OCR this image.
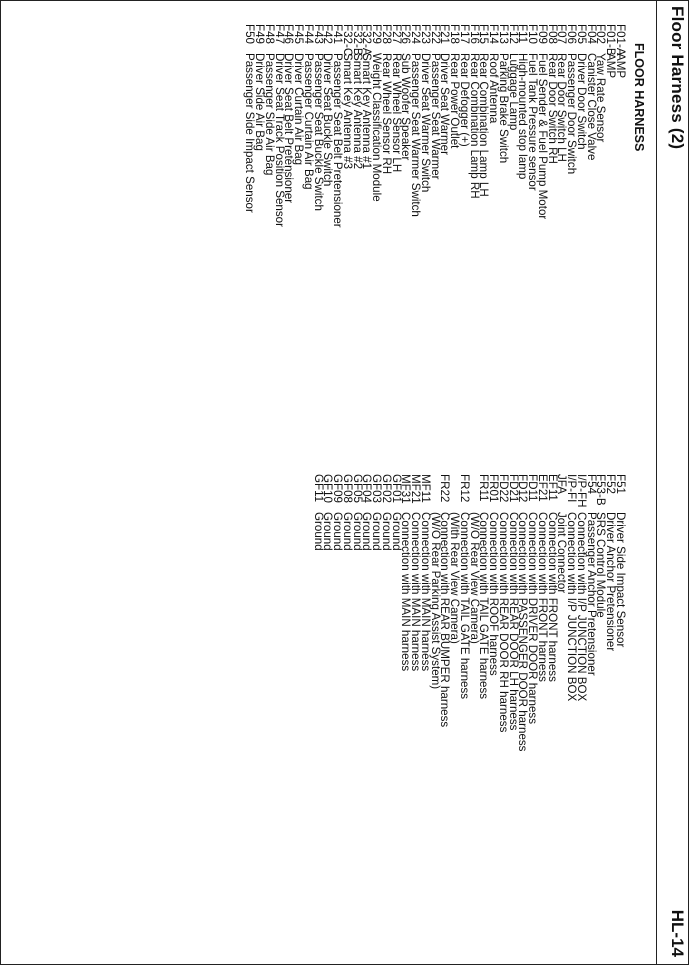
Floor Harness (2)
HL-14
FLOOR HARNESS
F01-A
AMP
F01-B
AMP
F02
Yaw Rate Sensor
F04
Canister Close Valve
F05
Driver Door Switch
F06
Passenger Door Switch
F07
Rear Door Switch LH
F08
Rear Door Switch RH
F09
Fuel Sender & Fuel Pump Motor
F10
Fuel Tank Pressure sensor
F11
High-mounted stop lamp
F12
Luggage Lamp
F13
Parking Brake Switch
F14
Roof Antenna
F15
Rear Combination Lamp LH
F16
Rear Combination Lamp RH
F17
Rear Defogger (+)
F18
Rear Power Outlet
F21
Driver Seat Warmer
F22
Passenger Seat Warmer
F23
Driver Seat Warmer Switch
F24
Passenger Seat Warmer Switch
F26
Sub Woofer Speaker
F27
Rear Wheel Sensor LH
F28
Rear Wheel Sensor RH
F29
Weight Classification Module
F32-A
Smart Key Antenna #1
F32-B
Smart Key Antenna #2
F32-C
Smart Key Antenna #3
F41
Passenger Seat Belt Pretensioner
F42
Driver Seat Buckle Switch
F43
Passenger Seat Buckle Switch
F44
Passenger Curtain Air Bag
F45
Driver Curtain Air Bag
F46
Driver Seat Belt Pretensioner
F47
Driver Seat Track Position Sensor
F48
Passenger Side Air Bag
F49
Driver Side Air Bag
F50
Passenger Side Impact Sensor
F51
Driver Side Impact Sensor
F52
Driver Anchor Pretensioner
F53-B
SRS Control Module
F54
Passenger Anchor Pretensioner
I/P-FH
Connection with I/P JUNCTION BOX
I/P-FI
Connection with I/P JUNCTION BOX
JFA
Joint Connector
EF11
Connection with FRONT harness
EF21
Connection with FRONT harness
FD11
Connection with DRIVER DOOR harness
FD12
Connection with PASSENGER DOOR harness
FD21
Connection with REAR DOOR LH harness
FD22
Connection with REAR DOOR RH harness
FR01
Connection with ROOF harness
FR11
Connection with TAIL GATE harness
(W/O Rear View Camera)
FR12
Connection with TAIL GATE harness
(With Rear View Camera)
FR22
Connection with REAR BUMPER harness
(W/O Rear Parking Assist System)
MF11
Connection with MAIN harness
MF21
Connection with MAIN harness
MF31
Connection with MAIN harness
GF01
Ground
GF02
Ground
GF03
Ground
GF04
Ground
GF05
Ground
GF08
Ground
GF09
Ground
GF10
Ground
GF11
Ground
